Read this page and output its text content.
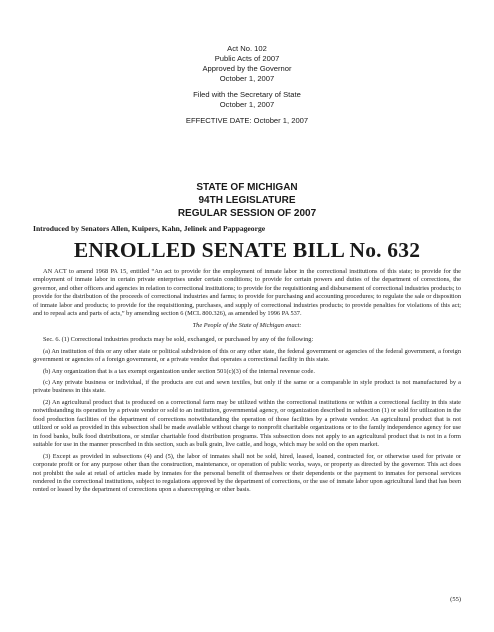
Act No. 102
Public Acts of 2007
Approved by the Governor
October 1, 2007
Filed with the Secretary of State
October 1, 2007
EFFECTIVE DATE: October 1, 2007
STATE OF MICHIGAN
94TH LEGISLATURE
REGULAR SESSION OF 2007
Introduced by Senators Allen, Kuipers, Kahn, Jelinek and Pappageorge
ENROLLED SENATE BILL No. 632

AN ACT to amend 1968 PA 15, entitled “An act to provide for the employment of inmate labor in the correctional institutions of this state; to provide for the employment of inmate labor in certain private enterprises under certain conditions; to provide for certain powers and duties of the department of corrections, the governor, and other officers and agencies in relation to correctional institutions; to provide for the requisitioning and disbursement of correctional industries products; to provide for the distribution of the proceeds of correctional industries and farms; to provide for purchasing and accounting procedures; to regulate the sale or disposition of inmate labor and products; to provide for the requisitioning, purchases, and supply of correctional industries products; to provide penalties for violations of this act; and to repeal acts and parts of acts,” by amending section 6 (MCL 800.326), as amended by 1996 PA 537.

The People of the State of Michigan enact:

Sec. 6. (1) Correctional industries products may be sold, exchanged, or purchased by any of the following:

(a) An institution of this or any other state or political subdivision of this or any other state, the federal government or agencies of the federal government, a foreign government or agencies of a foreign government, or a private vendor that operates a correctional facility in this state.

(b) Any organization that is a tax exempt organization under section 501(c)(3) of the internal revenue code.

(c) Any private business or individual, if the products are cut and sewn textiles, but only if the same or a comparable in style product is not manufactured by a private business in this state.

(2) An agricultural product that is produced on a correctional farm may be utilized within the correctional institutions or within a correctional facility in this state notwithstanding its operation by a private vendor or sold to an institution, governmental agency, or organization described in subsection (1) or sold for utilization in the food production facilities of the department of corrections notwithstanding the operation of those facilities by a private vendor. An agricultural product that is not utilized or sold as provided in this subsection shall be made available without charge to nonprofit charitable organizations or to the family independence agency for use in food banks, bulk food distributions, or similar charitable food distribution programs. This subsection does not apply to an agricultural product that is not in a form suitable for use in the manner prescribed in this section, such as bulk grain, live cattle, and hogs, which may be sold on the open market.

(3) Except as provided in subsections (4) and (5), the labor of inmates shall not be sold, hired, leased, loaned, contracted for, or otherwise used for private or corporate profit or for any purpose other than the construction, maintenance, or operation of public works, ways, or property as directed by the governor. This act does not prohibit the sale at retail of articles made by inmates for the personal benefit of themselves or their dependents or the payment to inmates for personal services rendered in the correctional institutions, subject to regulations approved by the department of corrections, or the use of inmate labor upon agricultural land that has been rented or leased by the department of corrections upon a sharecropping or other basis.

(55)
